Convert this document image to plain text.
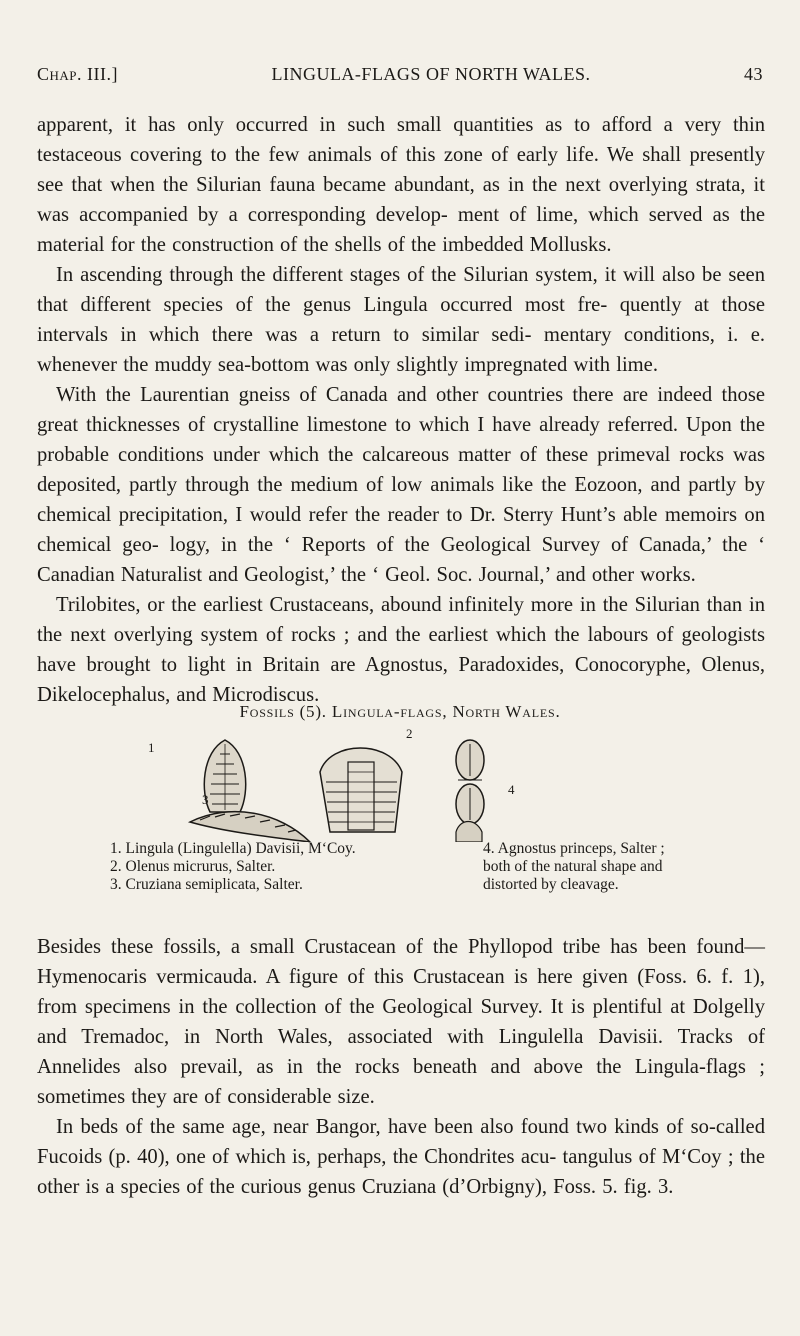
Chap. III.]	LINGULA-FLAGS OF NORTH WALES.	43

apparent, it has only occurred in such small quantities as to afford a very thin testaceous covering to the few animals of this zone of early life. We shall presently see that when the Silurian fauna became abundant, as in the next overlying strata, it was accompanied by a corresponding develop- ment of lime, which served as the material for the construction of the shells of the imbedded Mollusks.

In ascending through the different stages of the Silurian system, it will also be seen that different species of the genus Lingula occurred most fre- quently at those intervals in which there was a return to similar sedi- mentary conditions, i. e. whenever the muddy sea-bottom was only slightly impregnated with lime.

With the Laurentian gneiss of Canada and other countries there are indeed those great thicknesses of crystalline limestone to which I have already referred. Upon the probable conditions under which the calcareous matter of these primeval rocks was deposited, partly through the medium of low animals like the Eozoon, and partly by chemical precipitation, I would refer the reader to Dr. Sterry Hunt’s able memoirs on chemical geo- logy, in the ‘ Reports of the Geological Survey of Canada,’ the ‘ Canadian Naturalist and Geologist,’ the ‘ Geol. Soc. Journal,’ and other works.

Trilobites, or the earliest Crustaceans, abound infinitely more in the Silurian than in the next overlying system of rocks ; and the earliest which the labours of geologists have brought to light in Britain are Agnostus, Paradoxides, Conocoryphe, Olenus, Dikelocephalus, and Microdiscus.

Fossils (5). Lingula-flags, North Wales.
1
2
3
4
1. Lingula (Lingulella) Davisii, M‘Coy.
2. Olenus micrurus, Salter.
3. Cruziana semiplicata, Salter.
4. Agnostus princeps, Salter ;
both of the natural shape and
distorted by cleavage.

Besides these fossils, a small Crustacean of the Phyllopod tribe has been found—Hymenocaris vermicauda. A figure of this Crustacean is here given (Foss. 6. f. 1), from specimens in the collection of the Geological Survey. It is plentiful at Dolgelly and Tremadoc, in North Wales, associated with Lingulella Davisii. Tracks of Annelides also prevail, as in the rocks beneath and above the Lingula-flags ; sometimes they are of considerable size.

In beds of the same age, near Bangor, have been also found two kinds of so-called Fucoids (p. 40), one of which is, perhaps, the Chondrites acu- tangulus of M‘Coy ; the other is a species of the curious genus Cruziana (d’Orbigny), Foss. 5. fig. 3.
